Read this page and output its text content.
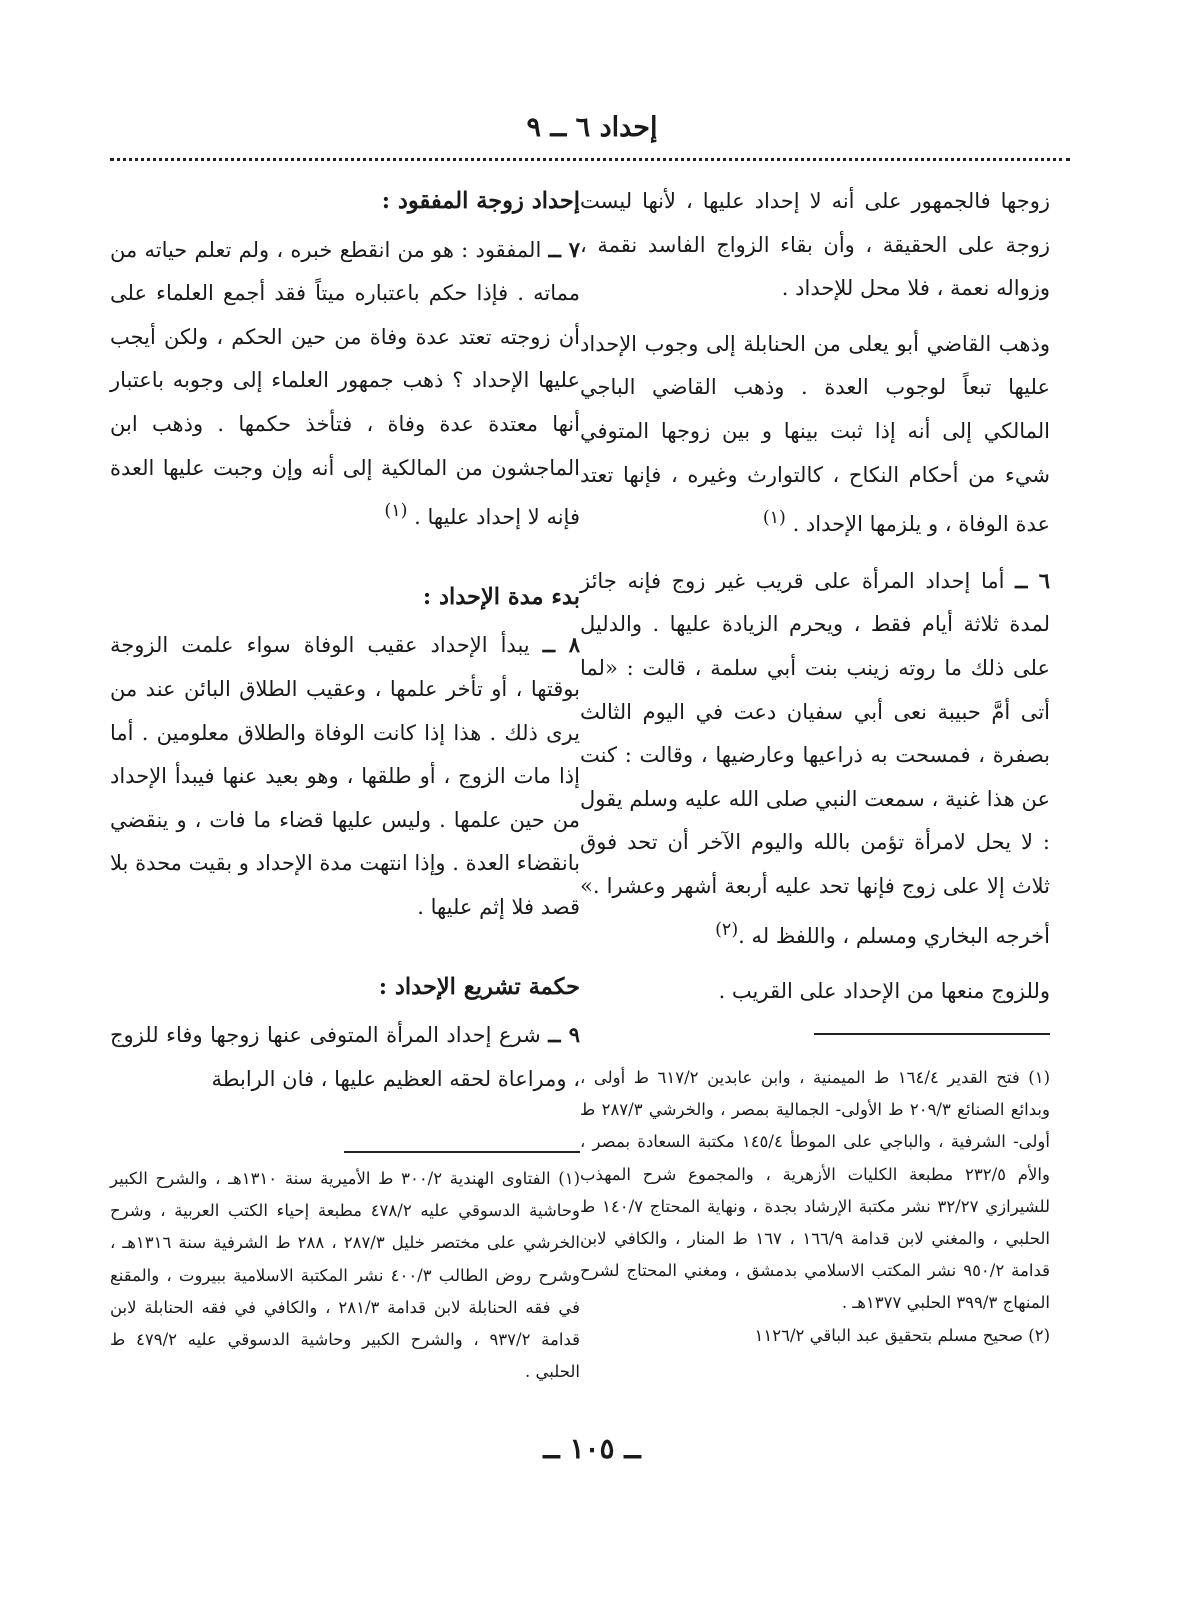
إحداد ٦ ــ ٩

زوجها فالجمهور على أنه لا إحداد عليها ، لأنها ليست زوجة على الحقيقة ، وأن بقاء الزواج الفاسد نقمة ، وزواله نعمة ، فلا محل للإحداد .

وذهب القاضي أبو يعلى من الحنابلة إلى وجوب الإحداد عليها تبعاً لوجوب العدة . وذهب القاضي الباجي المالكي إلى أنه إذا ثبت بينها و بين زوجها المتوفي شيء من أحكام النكاح ، كالتوارث وغيره ، فإنها تعتد عدة الوفاة ، و يلزمها الإحداد . $^{(١)}$

٦ ــ أما إحداد المرأة على قريب غير زوج فإنه جائز لمدة ثلاثة أيام فقط ، ويحرم الزيادة عليها . والدليل على ذلك ما روته زينب بنت أبي سلمة ، قالت : «لما أتى أمَّ حبيبة نعى أبي سفيان دعت في اليوم الثالث بصفرة ، فمسحت به ذراعيها وعارضيها ، وقالت : كنت عن هذا غنية ، سمعت النبي صلى الله عليه وسلم يقول : لا يحل لامرأة تؤمن بالله واليوم الآخر أن تحد فوق ثلاث إلا على زوج فإنها تحد عليه أربعة أشهر وعشرا .» أخرجه البخاري ومسلم ، واللفظ له .$^{(٢)}$

وللزوج منعها من الإحداد على القريب .

إحداد زوجة المفقود :

٧ ــ المفقود : هو من انقطع خبره ، ولم تعلم حياته من مماته . فإذا حكم باعتباره ميتاً فقد أجمع العلماء على أن زوجته تعتد عدة وفاة من حين الحكم ، ولكن أيجب عليها الإحداد ؟ ذهب جمهور العلماء إلى وجوبه باعتبار أنها معتدة عدة وفاة ، فتأخذ حكمها . وذهب ابن الماجشون من المالكية إلى أنه وإن وجبت عليها العدة فإنه لا إحداد عليها . $^{(١)}$

بدء مدة الإحداد :

٨ ــ يبدأ الإحداد عقيب الوفاة سواء علمت الزوجة بوقتها ، أو تأخر علمها ، وعقيب الطلاق البائن عند من يرى ذلك . هذا إذا كانت الوفاة والطلاق معلومين . أما إذا مات الزوج ، أو طلقها ، وهو بعيد عنها فيبدأ الإحداد من حين علمها . وليس عليها قضاء ما فات ، و ينقضي بانقضاء العدة . وإذا انتهت مدة الإحداد و بقيت محدة بلا قصد فلا إثم عليها .

حكمة تشريع الإحداد :

٩ ــ شرع إحداد المرأة المتوفى عنها زوجها وفاء للزوج ، ومراعاة لحقه العظيم عليها ، فان الرابطة (١) فتح القدير ١٦٤/٤ ط الميمنية ، وابن عابدين ٦١٧/٢ ط أولى ، وبدائع الصنائع ٢٠٩/٣ ط الأولى- الجمالية بمصر ، والخرشي ٢٨٧/٣ ط أولى- الشرفية ، والباجي على الموطأ ١٤٥/٤ مكتبة السعادة بمصر ، والأم ٢٣٢/٥ مطبعة الكليات الأزهرية ، والمجموع شرح المهذب للشيرازي ٣٢/٢٧ نشر مكتبة الإرشاد بجدة ، ونهاية المحتاج ١٤٠/٧ ط الحلبي ، والمغني لابن قدامة ١٦٦/٩ ، ١٦٧ ط المنار ، والكافي لابن قدامة ٩٥٠/٢ نشر المكتب الاسلامي بدمشق ، ومغني المحتاج لشرح المنهاج ٣٩٩/٣ الحلبي ١٣٧٧هـ .

(٢) صحيح مسلم بتحقيق عبد الباقي ١١٢٦/٢

(١) الفتاوى الهندية ٣٠٠/٢ ط الأميرية سنة ١٣١٠هـ ، والشرح الكبير وحاشية الدسوقي عليه ٤٧٨/٢ مطبعة إحياء الكتب العربية ، وشرح الخرشي على مختصر خليل ٢٨٧/٣ ، ٢٨٨ ط الشرفية سنة ١٣١٦هـ ، وشرح روض الطالب ٤٠٠/٣ نشر المكتبة الاسلامية ببيروت ، والمقنع في فقه الحنابلة لابن قدامة ٢٨١/٣ ، والكافي في فقه الحنابلة لابن قدامة ٩٣٧/٢ ، والشرح الكبير وحاشية الدسوقي عليه ٤٧٩/٢ ط الحلبي .

ــ ١٠٥ ــ
